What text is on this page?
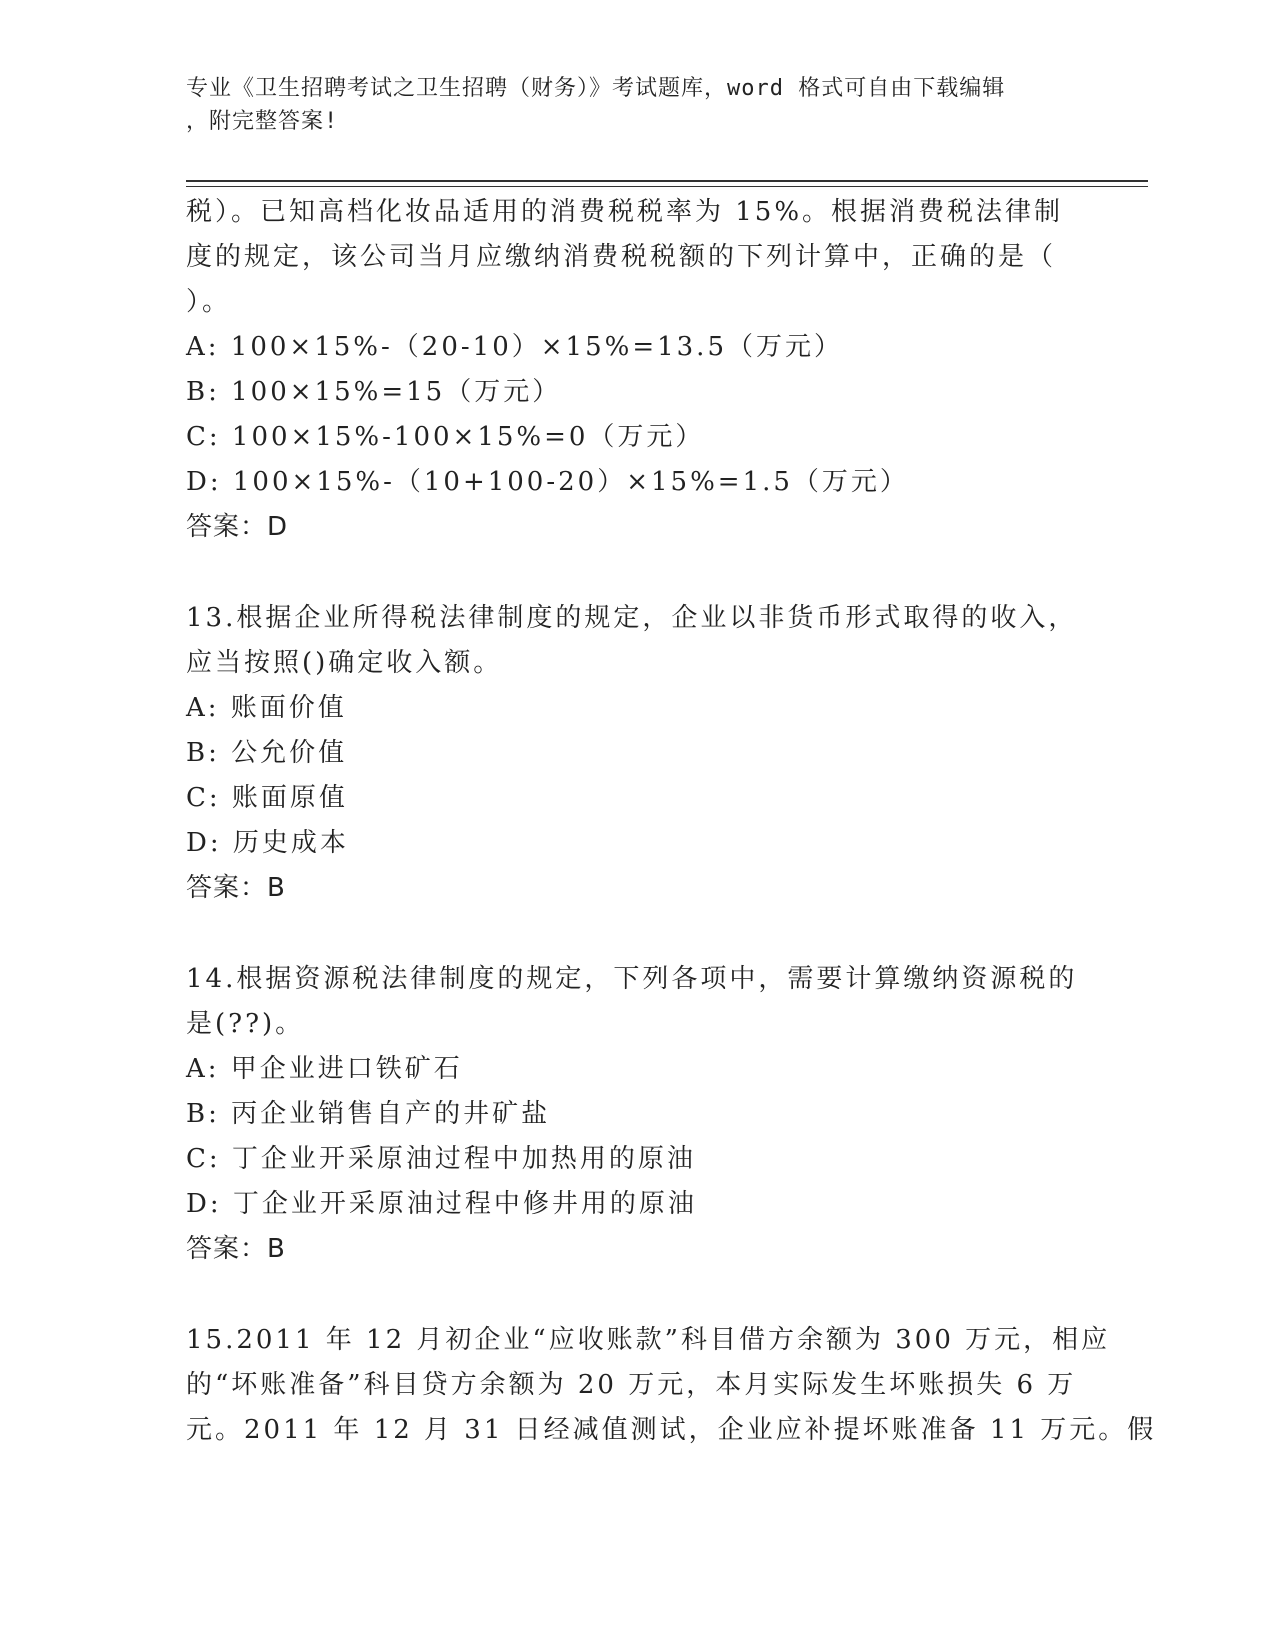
专业《卫生招聘考试之卫生招聘（财务）》考试题库，word 格式可自由下载编辑
，附完整答案!
税）。已知高档化妆品适用的消费税税率为 15%。根据消费税法律制
度的规定，该公司当月应缴纳消费税税额的下列计算中，正确的是（
）。
A: 100×15%-（20-10）×15%=13.5（万元）
B: 100×15%=15（万元）
C: 100×15%-100×15%=0（万元）
D: 100×15%-（10+100-20）×15%=1.5（万元）
答案：D
13.根据企业所得税法律制度的规定，企业以非货币形式取得的收入，
应当按照()确定收入额。
A: 账面价值
B: 公允价值
C: 账面原值
D: 历史成本
答案：B
14.根据资源税法律制度的规定，下列各项中，需要计算缴纳资源税的
是(??)。
A: 甲企业进口铁矿石
B: 丙企业销售自产的井矿盐
C: 丁企业开采原油过程中加热用的原油
D: 丁企业开采原油过程中修井用的原油
答案：B
15.2011 年 12 月初企业“应收账款”科目借方余额为 300 万元，相应
的“坏账准备”科目贷方余额为 20 万元，本月实际发生坏账损失 6 万
元。2011 年 12 月 31 日经减值测试，企业应补提坏账准备 11 万元。假
